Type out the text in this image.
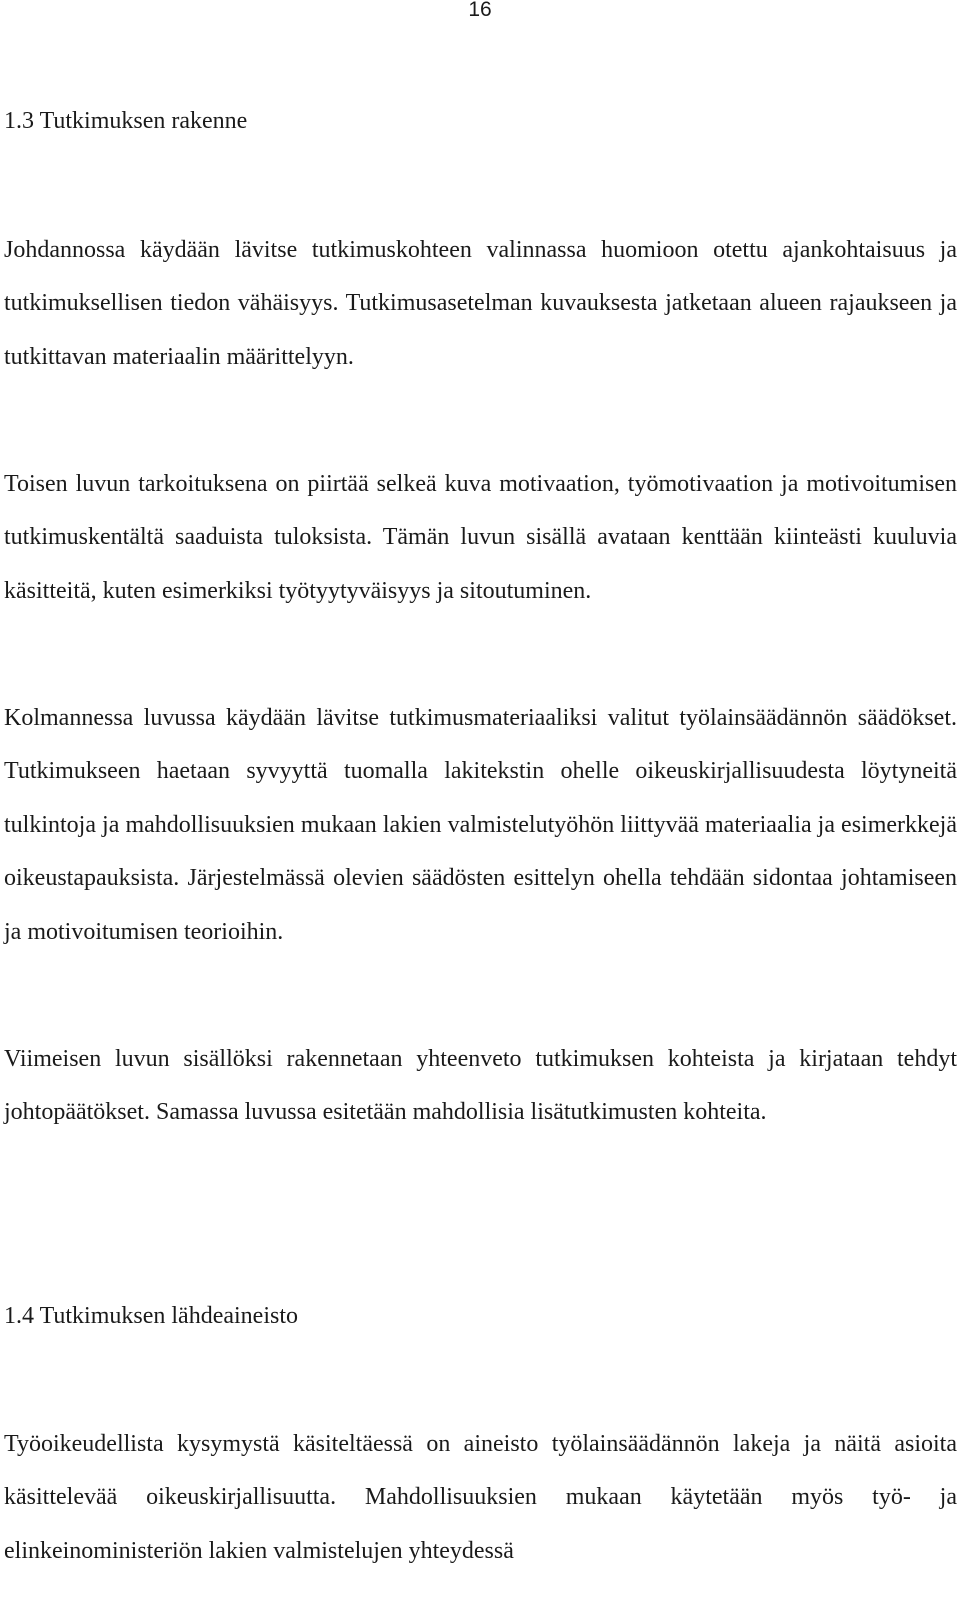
16
1.3 Tutkimuksen rakenne

Johdannossa käydään lävitse tutkimuskohteen valinnassa huomioon otettu ajankohtaisuus ja tutkimuksellisen tiedon vähäisyys. Tutkimusasetelman kuvauksesta jatketaan alueen rajaukseen ja tutkittavan materiaalin määrittelyyn.

Toisen luvun tarkoituksena on piirtää selkeä kuva motivaation, työmotivaation ja motivoitumisen tutkimuskentältä saaduista tuloksista. Tämän luvun sisällä avataan kenttään kiinteästi kuuluvia käsitteitä, kuten esimerkiksi työtyytyväisyys ja sitoutuminen.

Kolmannessa luvussa käydään lävitse tutkimusmateriaaliksi valitut työlainsäädännön säädökset. Tutkimukseen haetaan syvyyttä tuomalla lakitekstin ohelle oikeuskirjallisuudesta löytyneitä tulkintoja ja mahdollisuuksien mukaan lakien valmistelutyöhön liittyvää materiaalia ja esimerkkejä oikeustapauksista. Järjestelmässä olevien säädösten esittelyn ohella tehdään sidontaa johtamiseen ja motivoitumisen teorioihin.

Viimeisen luvun sisällöksi rakennetaan yhteenveto tutkimuksen kohteista ja kirjataan tehdyt johtopäätökset. Samassa luvussa esitetään mahdollisia lisätutkimusten kohteita.

1.4 Tutkimuksen lähdeaineisto

Työoikeudellista kysymystä käsiteltäessä on aineisto työlainsäädännön lakeja ja näitä asioita käsittelevää oikeuskirjallisuutta. Mahdollisuuksien mukaan käytetään myös työ- ja elinkeinoministeriön lakien valmistelujen yhteydessä
